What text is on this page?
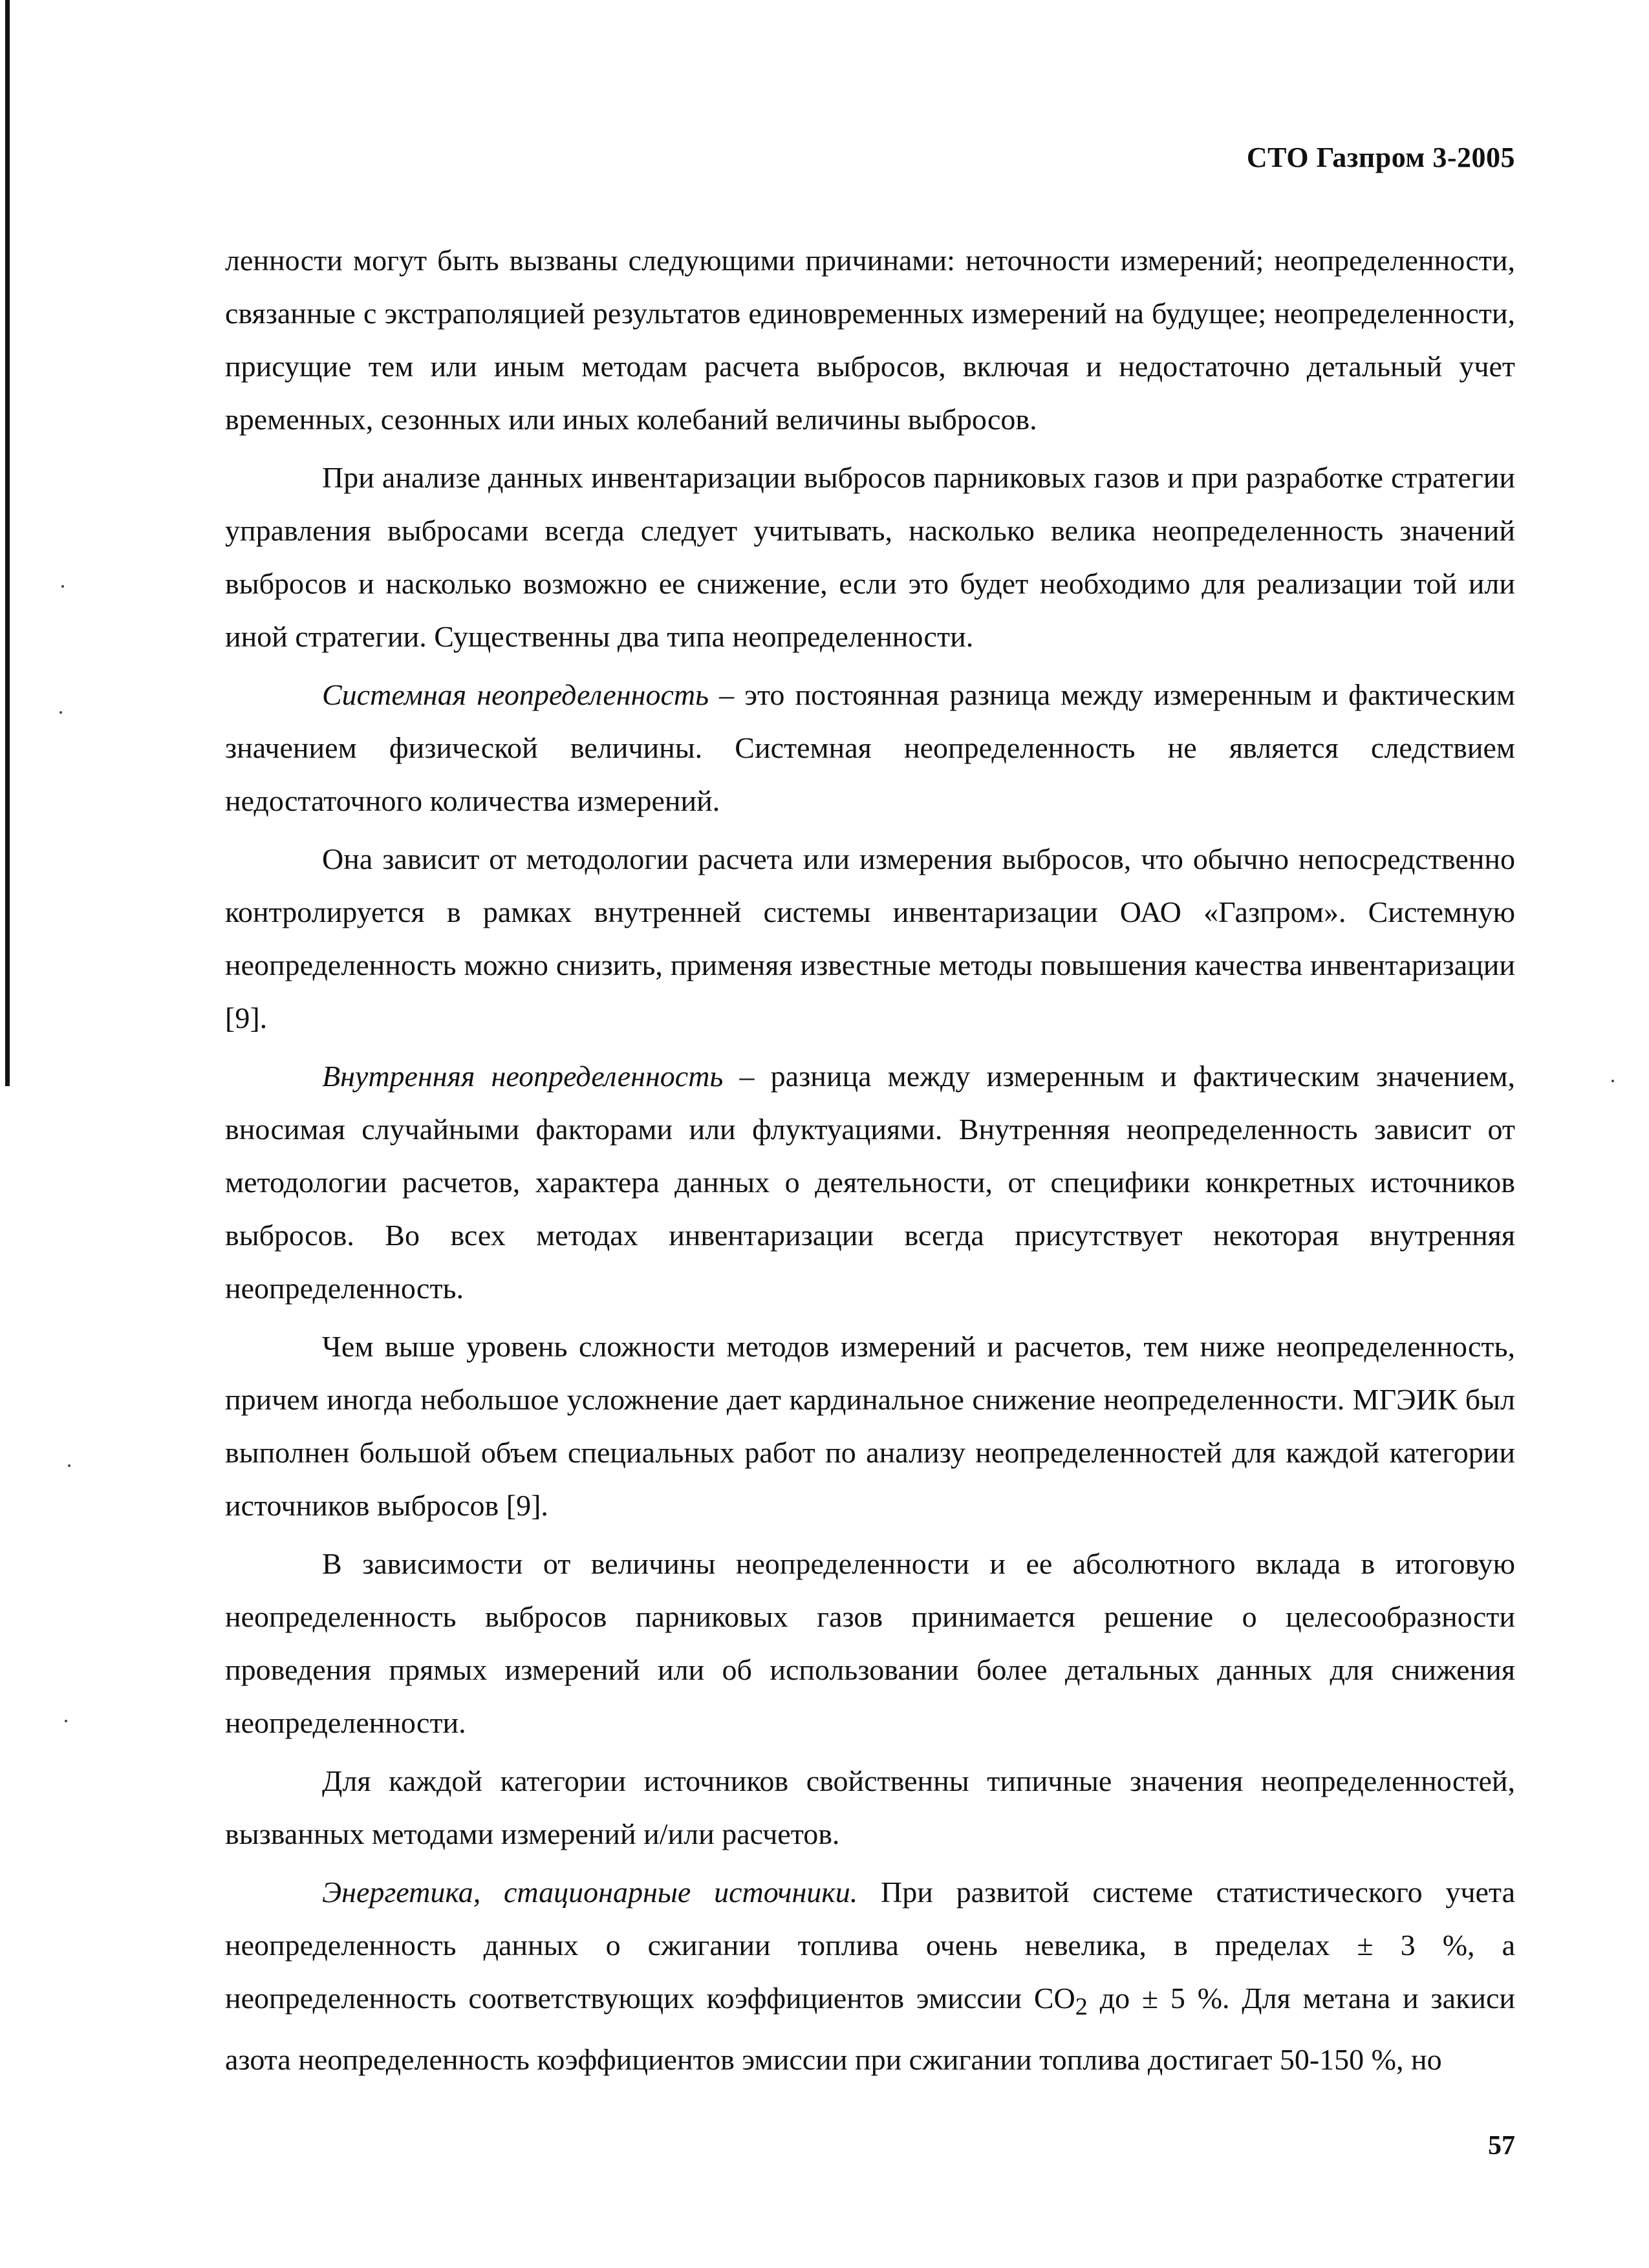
СТО Газпром 3-2005

ленности могут быть вызваны следующими причинами: неточности измерений; неопределенности, связанные с экстраполяцией результатов единовременных измерений на будущее; неопределенности, присущие тем или иным методам расчета выбросов, включая и недостаточно детальный учет временных, сезонных или иных колебаний величины выбросов.

При анализе данных инвентаризации выбросов парниковых газов и при разработке стратегии управления выбросами всегда следует учитывать, насколько велика неопределенность значений выбросов и насколько возможно ее снижение, если это будет необходимо для реализации той или иной стратегии. Существенны два типа неопределенности.

Системная неопределенность – это постоянная разница между измеренным и фактическим значением физической величины. Системная неопределенность не является следствием недостаточного количества измерений.

Она зависит от методологии расчета или измерения выбросов, что обычно непосредственно контролируется в рамках внутренней системы инвентаризации ОАО «Газпром». Системную неопределенность можно снизить, применяя известные методы повышения качества инвентаризации [9].

Внутренняя неопределенность – разница между измеренным и фактическим значением, вносимая случайными факторами или флуктуациями. Внутренняя неопределенность зависит от методологии расчетов, характера данных о деятельности, от специфики конкретных источников выбросов. Во всех методах инвентаризации всегда присутствует некоторая внутренняя неопределенность.

Чем выше уровень сложности методов измерений и расчетов, тем ниже неопределенность, причем иногда небольшое усложнение дает кардинальное снижение неопределенности. МГЭИК был выполнен большой объем специальных работ по анализу неопределенностей для каждой категории источников выбросов [9].

В зависимости от величины неопределенности и ее абсолютного вклада в итоговую неопределенность выбросов парниковых газов принимается решение о целесообразности проведения прямых измерений или об использовании более детальных данных для снижения неопределенности.

Для каждой категории источников свойственны типичные значения неопределенностей, вызванных методами измерений и/или расчетов.

Энергетика, стационарные источники. При развитой системе статистического учета неопределенность данных о сжигании топлива очень невелика, в пределах ± 3 %, а неопределенность соответствующих коэффициентов эмиссии $CO_2$ до ± 5 %. Для метана и закиси азота неопределенность коэффициентов эмиссии при сжигании топлива достигает 50-150 %, но

57
